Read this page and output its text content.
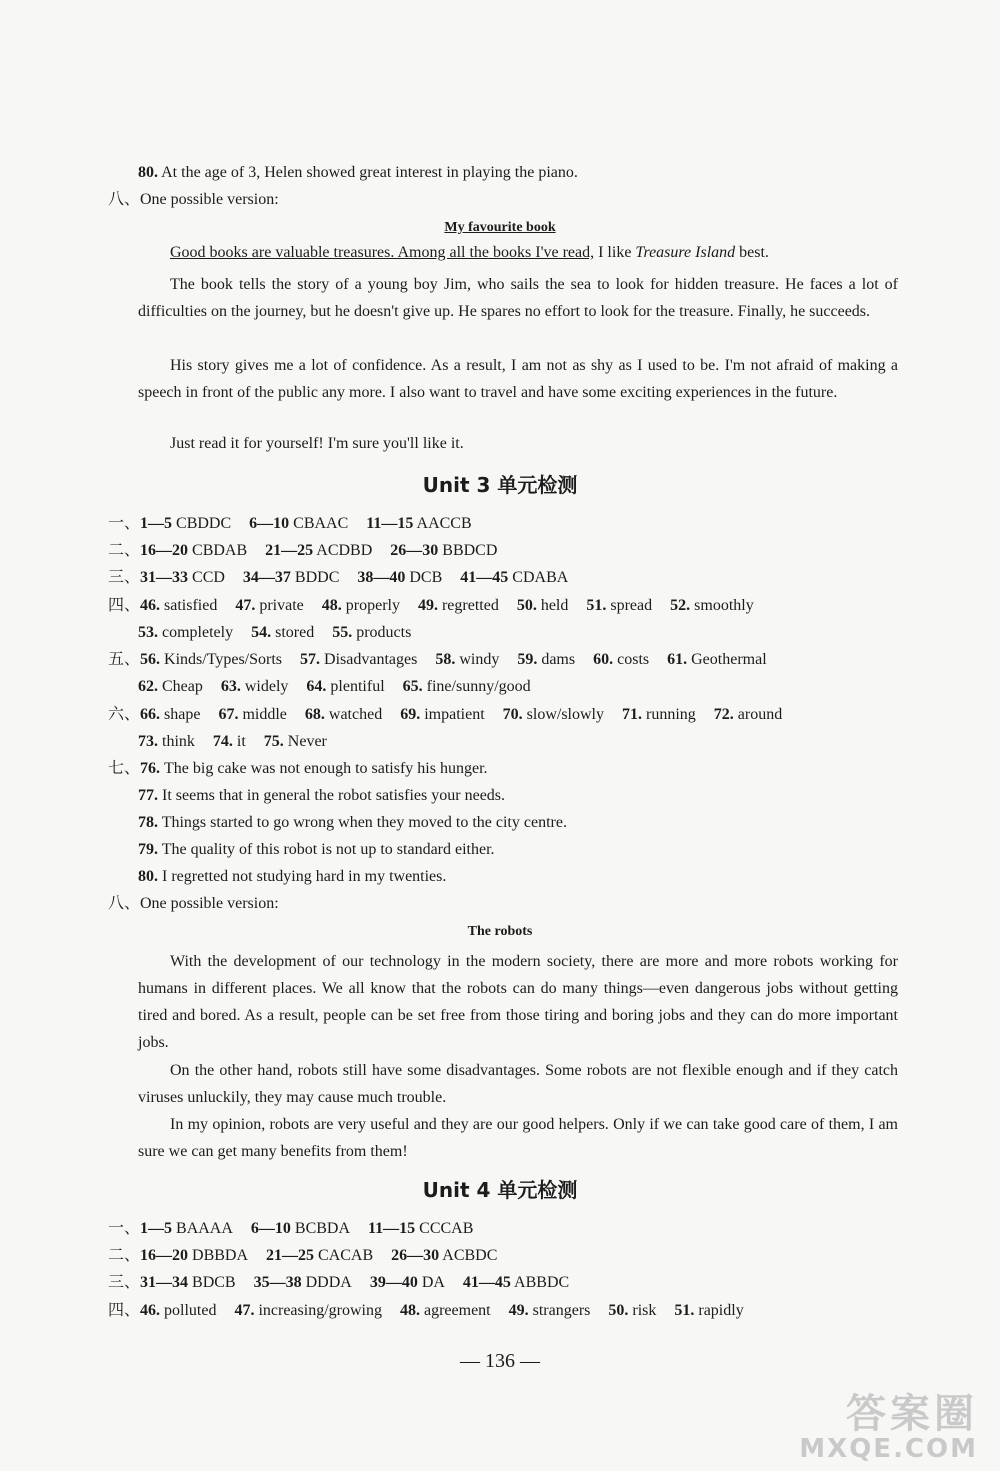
80. At the age of 3, Helen showed great interest in playing the piano.
八、One possible version:
My favourite book
Good books are valuable treasures. Among all the books I've read, I like Treasure Island best.
The book tells the story of a young boy Jim, who sails the sea to look for hidden treasure. He faces a lot of difficulties on the journey, but he doesn't give up. He spares no effort to look for the treasure. Finally, he succeeds.
His story gives me a lot of confidence. As a result, I am not as shy as I used to be. I'm not afraid of making a speech in front of the public any more. I also want to travel and have some exciting experiences in the future.
Just read it for yourself! I'm sure you'll like it.
Unit 3 单元检测
一、1—5 CBDDC 6—10 CBAAC 11—15 AACCB
二、16—20 CBDAB 21—25 ACDBD 26—30 BBDCD
三、31—33 CCD 34—37 BDDC 38—40 DCB 41—45 CDABA
四、46. satisfied 47. private 48. properly 49. regretted 50. held 51. spread 52. smoothly
53. completely 54. stored 55. products
五、56. Kinds/Types/Sorts 57. Disadvantages 58. windy 59. dams 60. costs 61. Geothermal
62. Cheap 63. widely 64. plentiful 65. fine/sunny/good
六、66. shape 67. middle 68. watched 69. impatient 70. slow/slowly 71. running 72. around
73. think 74. it 75. Never
七、76. The big cake was not enough to satisfy his hunger.
77. It seems that in general the robot satisfies your needs.
78. Things started to go wrong when they moved to the city centre.
79. The quality of this robot is not up to standard either.
80. I regretted not studying hard in my twenties.
八、One possible version:
The robots
With the development of our technology in the modern society, there are more and more robots working for humans in different places. We all know that the robots can do many things—even dangerous jobs without getting tired and bored. As a result, people can be set free from those tiring and boring jobs and they can do more important jobs.
On the other hand, robots still have some disadvantages. Some robots are not flexible enough and if they catch viruses unluckily, they may cause much trouble.
In my opinion, robots are very useful and they are our good helpers. Only if we can take good care of them, I am sure we can get many benefits from them!
Unit 4 单元检测
一、1—5 BAAAA 6—10 BCBDA 11—15 CCCAB
二、16—20 DBBDA 21—25 CACAB 26—30 ACBDC
三、31—34 BDCB 35—38 DDDA 39—40 DA 41—45 ABBDC
四、46. polluted 47. increasing/growing 48. agreement 49. strangers 50. risk 51. rapidly
— 136 —
答案圈
MXQE.COM
